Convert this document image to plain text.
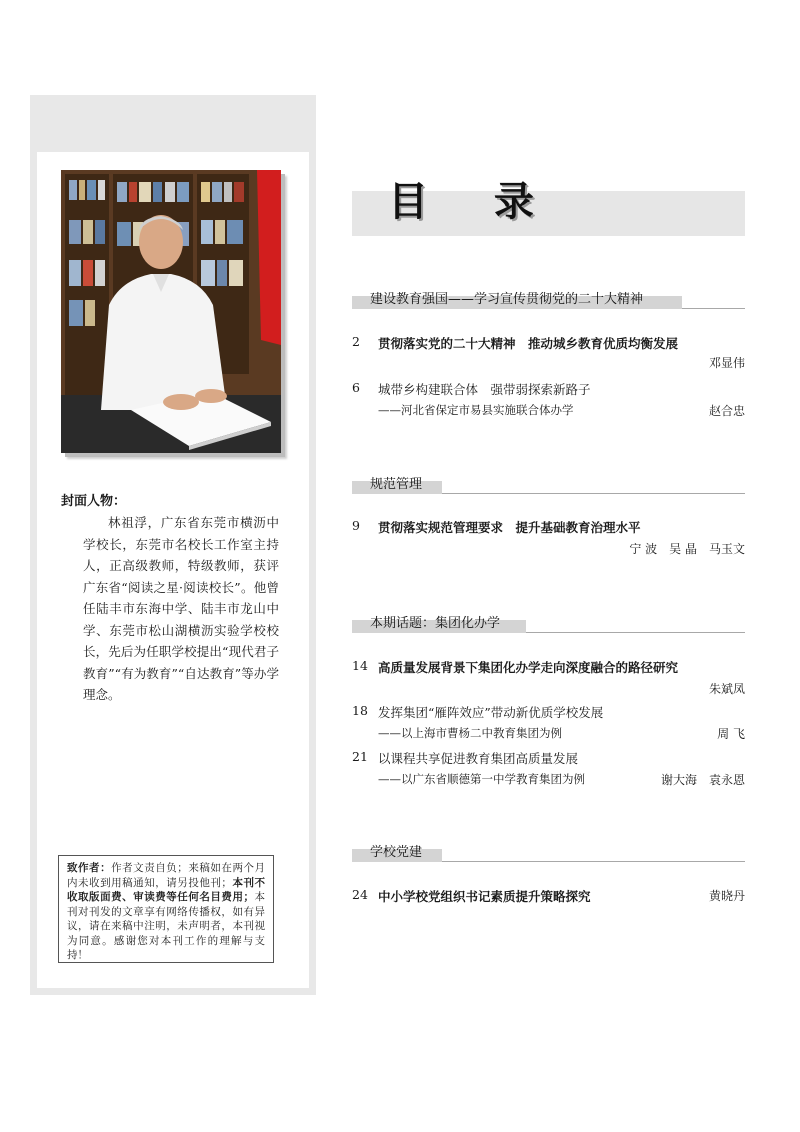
封面人物：
林祖浮，广东省东莞市横沥中学校长，东莞市名校长工作室主持人，正高级教师，特级教师，获评广东省“阅读之星·阅读校长”。他曾任陆丰市东海中学、陆丰市龙山中学、东莞市松山湖横沥实验学校校长，先后为任职学校提出“现代君子教育”“有为教育”“自达教育”等办学理念。
致作者：作者文责自负；来稿如在两个月内未收到用稿通知，请另投他刊；本刊不收取版面费、审读费等任何名目费用；本刊对刊发的文章享有网络传播权，如有异议，请在来稿中注明，未声明者，本刊视为同意。感谢您对本刊工作的理解与支持！
目 录
建设教育强国——学习宣传贯彻党的二十大精神
2 贯彻落实党的二十大精神　推动城乡教育优质均衡发展
邓显伟
6 城带乡构建联合体　强带弱探索新路子
——河北省保定市易县实施联合体办学	赵合忠
规范管理
9 贯彻落实规范管理要求　提升基础教育治理水平
宁 波　吴 晶　马玉文
本期话题：集团化办学
14 高质量发展背景下集团化办学走向深度融合的路径研究
朱斌凤
18 发挥集团“雁阵效应”带动新优质学校发展
——以上海市曹杨二中教育集团为例	周 飞
21 以课程共享促进教育集团高质量发展
——以广东省顺德第一中学教育集团为例	谢大海　袁永恩
学校党建
24 中小学校党组织书记素质提升策略探究	黄晓丹
